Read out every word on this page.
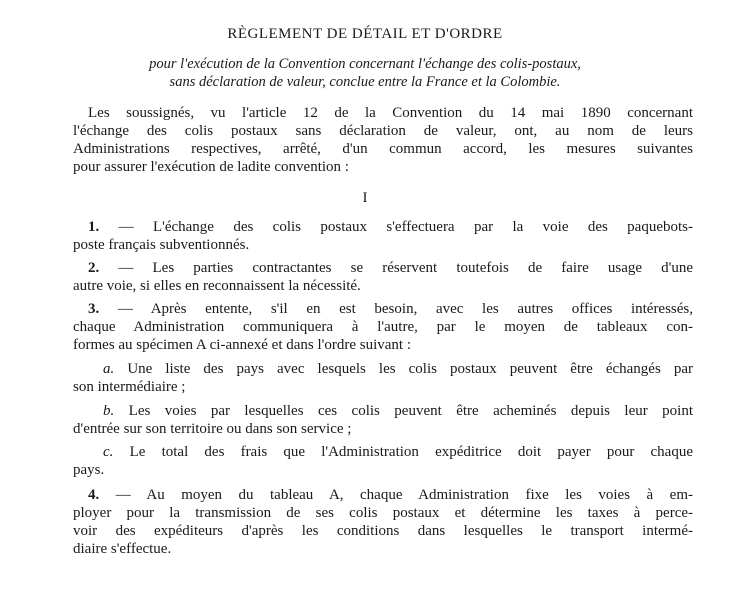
RÈGLEMENT DE DÉTAIL ET D'ORDRE
pour l'exécution de la Convention concernant l'échange des colis-postaux,
sans déclaration de valeur, conclue entre la France et la Colombie.
Les soussignés, vu l'article 12 de la Convention du 14 mai 1890 concernant
l'échange des colis postaux sans déclaration de valeur, ont, au nom de leurs
Administrations respectives, arrêté, d'un commun accord, les mesures suivantes
pour assurer l'exécution de ladite convention :
I
1. — L'échange des colis postaux s'effectuera par la voie des paquebots-
poste français subventionnés.
2. — Les parties contractantes se réservent toutefois de faire usage d'une
autre voie, si elles en reconnaissent la nécessité.
3. — Après entente, s'il en est besoin, avec les autres offices intéressés,
chaque Administration communiquera à l'autre, par le moyen de tableaux con-
formes au spécimen A ci-annexé et dans l'ordre suivant :
a. Une liste des pays avec lesquels les colis postaux peuvent être échangés par
son intermédiaire ;
b. Les voies par lesquelles ces colis peuvent être acheminés depuis leur point
d'entrée sur son territoire ou dans son service ;
c. Le total des frais que l'Administration expéditrice doit payer pour chaque
pays.
4. — Au moyen du tableau A, chaque Administration fixe les voies à em-
ployer pour la transmission de ses colis postaux et détermine les taxes à perce-
voir des expéditeurs d'après les conditions dans lesquelles le transport intermé-
diaire s'effectue.
